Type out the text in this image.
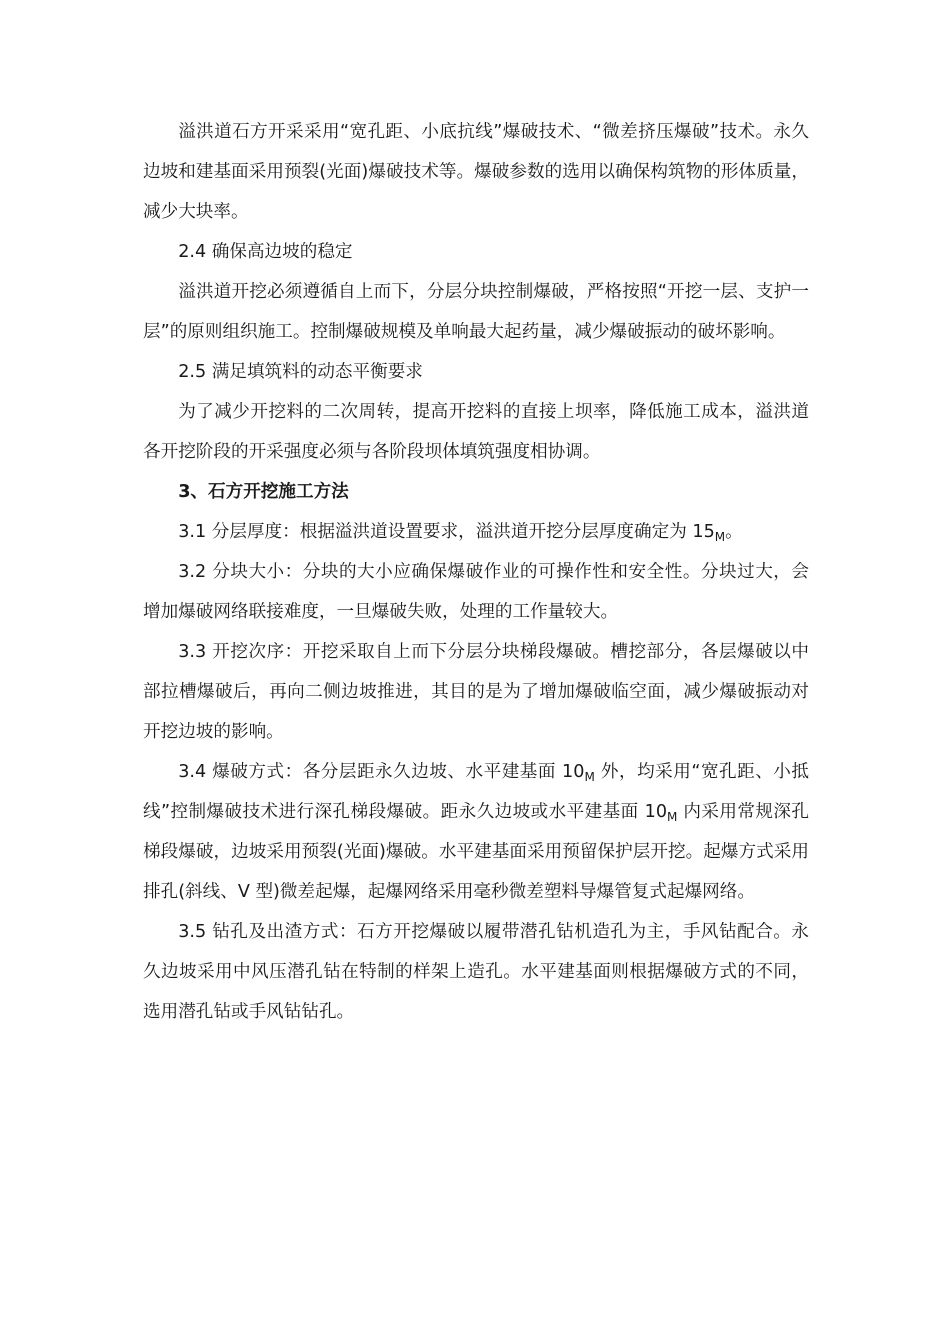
溢洪道石方开采采用“宽孔距、小底抗线”爆破技术、“微差挤压爆破”技术。永久边坡和建基面采用预裂(光面)爆破技术等。爆破参数的选用以确保构筑物的形体质量，减少大块率。

2.4 确保高边坡的稳定

溢洪道开挖必须遵循自上而下，分层分块控制爆破，严格按照“开挖一层、支护一层”的原则组织施工。控制爆破规模及单响最大起药量，减少爆破振动的破坏影响。

2.5 满足填筑料的动态平衡要求

为了减少开挖料的二次周转，提高开挖料的直接上坝率，降低施工成本，溢洪道各开挖阶段的开采强度必须与各阶段坝体填筑强度相协调。

3、石方开挖施工方法

3.1 分层厚度：根据溢洪道设置要求，溢洪道开挖分层厚度确定为 $15_M$。

3.2 分块大小：分块的大小应确保爆破作业的可操作性和安全性。分块过大，会增加爆破网络联接难度，一旦爆破失败，处理的工作量较大。

3.3 开挖次序：开挖采取自上而下分层分块梯段爆破。槽挖部分，各层爆破以中部拉槽爆破后，再向二侧边坡推进，其目的是为了增加爆破临空面，减少爆破振动对开挖边坡的影响。

3.4 爆破方式：各分层距永久边坡、水平建基面 $10_M$ 外，均采用“宽孔距、小抵线”控制爆破技术进行深孔梯段爆破。距永久边坡或水平建基面 $10_M$ 内采用常规深孔梯段爆破，边坡采用预裂(光面)爆破。水平建基面采用预留保护层开挖。起爆方式采用排孔(斜线、V 型)微差起爆，起爆网络采用毫秒微差塑料导爆管复式起爆网络。

3.5 钻孔及出渣方式：石方开挖爆破以履带潜孔钻机造孔为主，手风钻配合。永久边坡采用中风压潜孔钻在特制的样架上造孔。水平建基面则根据爆破方式的不同，选用潜孔钻或手风钻钻孔。
